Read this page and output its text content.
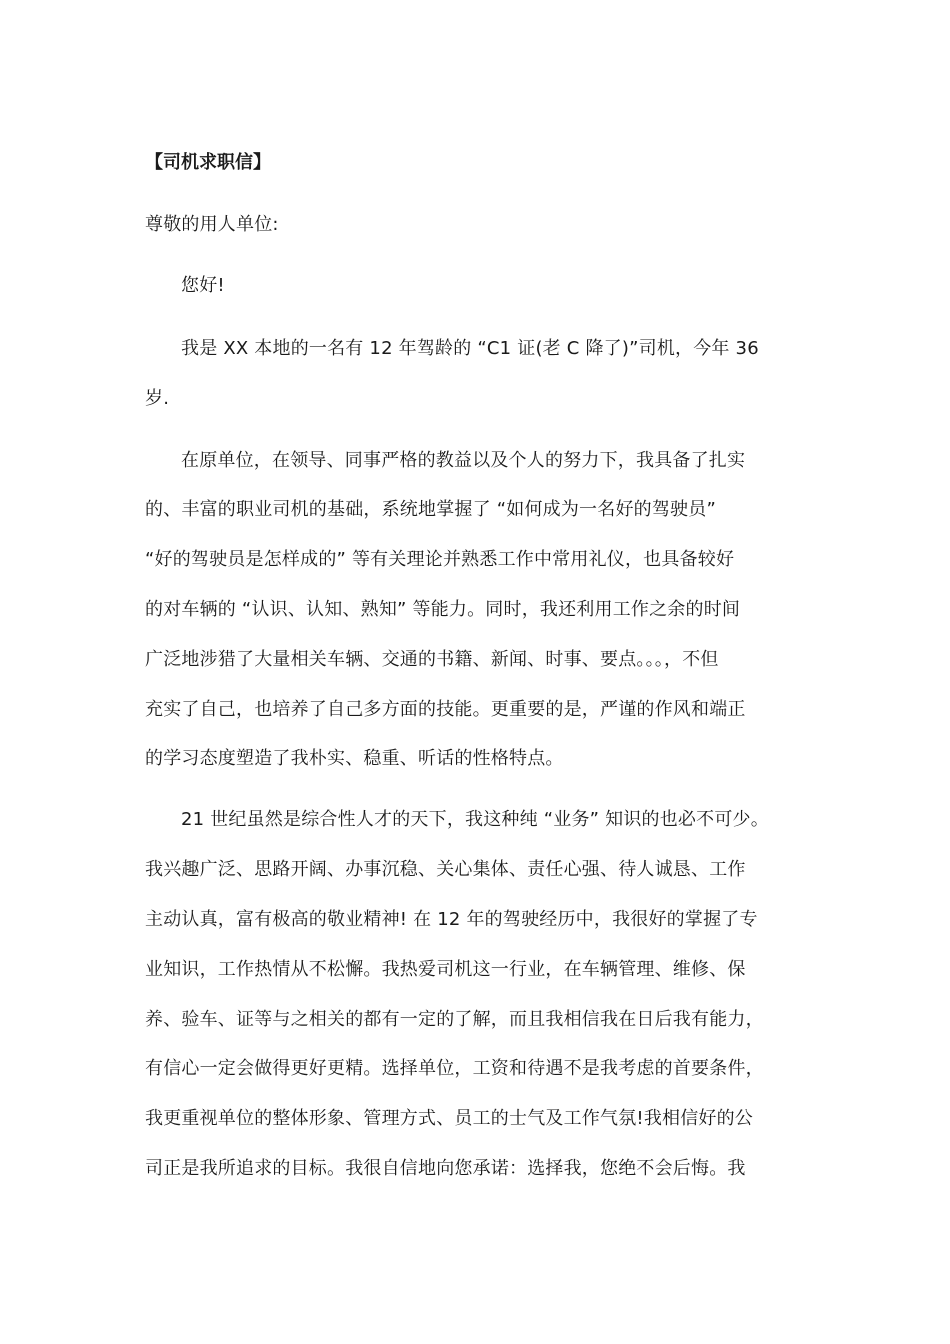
【司机求职信】

尊敬的用人单位:

您好!

我是 XX 本地的一名有 12 年驾龄的 “C1 证(老 C 降了)”司机，今年 36

岁.

在原单位，在领导、同事严格的教益以及个人的努力下，我具备了扎实

的、丰富的职业司机的基础，系统地掌握了 “如何成为一名好的驾驶员”

“好的驾驶员是怎样成的” 等有关理论并熟悉工作中常用礼仪，也具备较好

的对车辆的 “认识、认知、熟知” 等能力。同时，我还利用工作之余的时间

广泛地涉猎了大量相关车辆、交通的书籍、新闻、时事、要点。。。，不但

充实了自己，也培养了自己多方面的技能。更重要的是，严谨的作风和端正

的学习态度塑造了我朴实、稳重、听话的性格特点。

21 世纪虽然是综合性人才的天下，我这种纯 “业务” 知识的也必不可少。

我兴趣广泛、思路开阔、办事沉稳、关心集体、责任心强、待人诚恳、工作

主动认真，富有极高的敬业精神! 在 12 年的驾驶经历中，我很好的掌握了专

业知识，工作热情从不松懈。我热爱司机这一行业，在车辆管理、维修、保

养、验车、证等与之相关的都有一定的了解，而且我相信我在日后我有能力，

有信心一定会做得更好更精。选择单位，工资和待遇不是我考虑的首要条件，

我更重视单位的整体形象、管理方式、员工的士气及工作气氛!我相信好的公

司正是我所追求的目标。我很自信地向您承诺：选择我，您绝不会后悔。我
